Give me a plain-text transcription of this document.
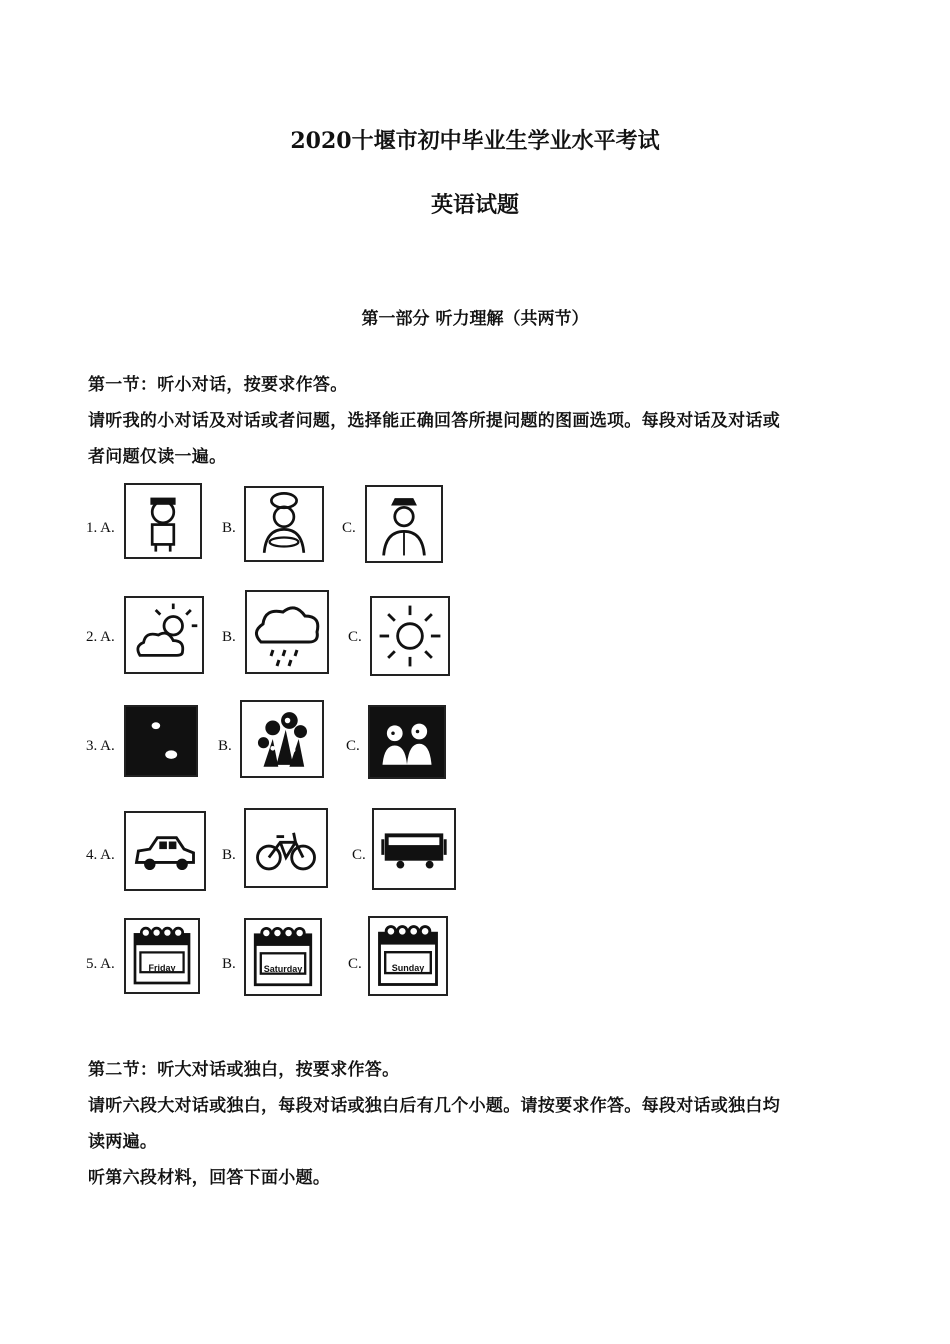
2020十堰市初中毕业生学业水平考试
英语试题
第一部分 听力理解（共两节）
第一节：听小对话，按要求作答。
请听我的小对话及对话或者问题，选择能正确回答所提问题的图画选项。每段对话及对话或
者问题仅读一遍。
1. A.	B.	C.
2. A.	B.	C.
3. A.	B.	C.
4. A.	B.	C.
5. A.	Friday	B.	Saturday	C.	Sunday
第二节：听大对话或独白，按要求作答。
请听六段大对话或独白，每段对话或独白后有几个小题。请按要求作答。每段对话或独白均
读两遍。
听第六段材料，回答下面小题。
